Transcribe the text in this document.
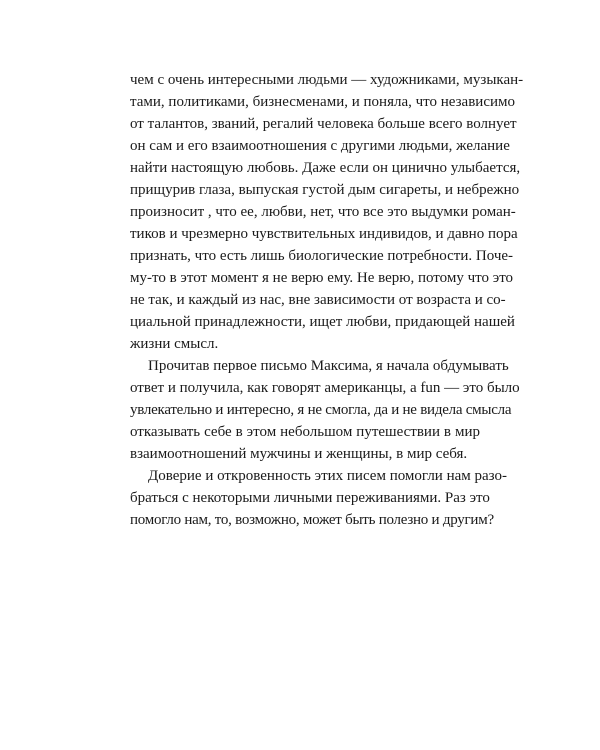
чем с очень интересными людьми — художниками, музыкан-
тами, политиками, бизнесменами, и поняла, что независимо
от талантов, званий, регалий человека больше всего волнует
он сам и его взаимоотношения с другими людьми, желание
найти настоящую любовь. Даже если он цинично улыбается,
прищурив глаза, выпуская густой дым сигареты, и небрежно
произносит , что ее, любви, нет, что все это выдумки роман-
тиков и чрезмерно чувствительных индивидов, и давно пора
признать, что есть лишь биологические потребности. Поче-
му-то в этот момент я не верю ему. Не верю, потому что это
не так, и каждый из нас, вне зависимости от возраста и со-
циальной принадлежности, ищет любви, придающей нашей
жизни смысл.
Прочитав первое письмо Максима, я начала обдумывать
ответ и получила, как говорят американцы, a fun — это было
увлекательно и интересно, я не смогла, да и не видела смысла
отказывать себе в этом небольшом путешествии в мир
взаимоотношений мужчины и женщины, в мир себя.
Доверие и откровенность этих писем помогли нам разо-
браться с некоторыми личными переживаниями. Раз это
помогло нам, то, возможно, может быть полезно и другим?
